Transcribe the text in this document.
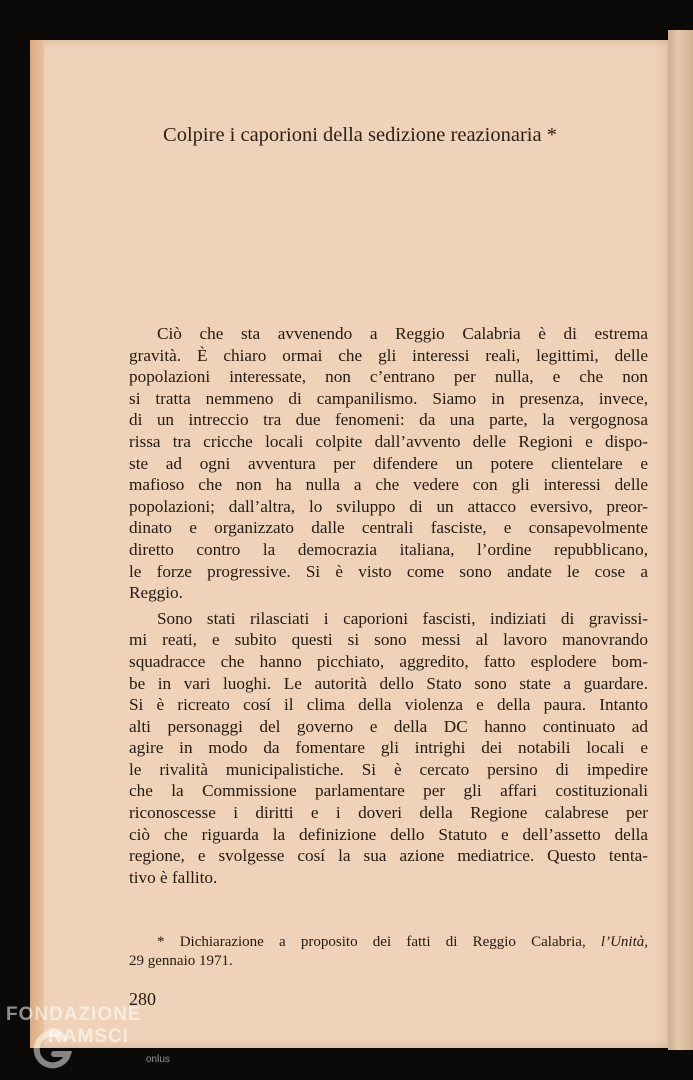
Colpire i caporioni della sedizione reazionaria *
Ciò che sta avvenendo a Reggio Calabria è di estrema
gravità. È chiaro ormai che gli interessi reali, legittimi, delle
popolazioni interessate, non c’entrano per nulla, e che non
si tratta nemmeno di campanilismo. Siamo in presenza, invece,
di un intreccio tra due fenomeni: da una parte, la vergognosa
rissa tra cricche locali colpite dall’avvento delle Regioni e dispo-
ste ad ogni avventura per difendere un potere clientelare e
mafioso che non ha nulla a che vedere con gli interessi delle
popolazioni; dall’altra, lo sviluppo di un attacco eversivo, preor-
dinato e organizzato dalle centrali fasciste, e consapevolmente
diretto contro la democrazia italiana, l’ordine repubblicano,
le forze progressive. Si è visto come sono andate le cose a
Reggio.
Sono stati rilasciati i caporioni fascisti, indiziati di gravissi-
mi reati, e subito questi si sono messi al lavoro manovrando
squadracce che hanno picchiato, aggredito, fatto esplodere bom-
be in vari luoghi. Le autorità dello Stato sono state a guardare.
Si è ricreato cosí il clima della violenza e della paura. Intanto
alti personaggi del governo e della DC hanno continuato ad
agire in modo da fomentare gli intrighi dei notabili locali e
le rivalità municipalistiche. Si è cercato persino di impedire
che la Commissione parlamentare per gli affari costituzionali
riconoscesse i diritti e i doveri della Regione calabrese per
ciò che riguarda la definizione dello Statuto e dell’assetto della
regione, e svolgesse cosí la sua azione mediatrice. Questo tenta-
tivo è fallito.
* Dichiarazione a proposito dei fatti di Reggio Calabria, l’Unità,
29 gennaio 1971.
280
FONDAZIONE
RAMSCI
onlus
